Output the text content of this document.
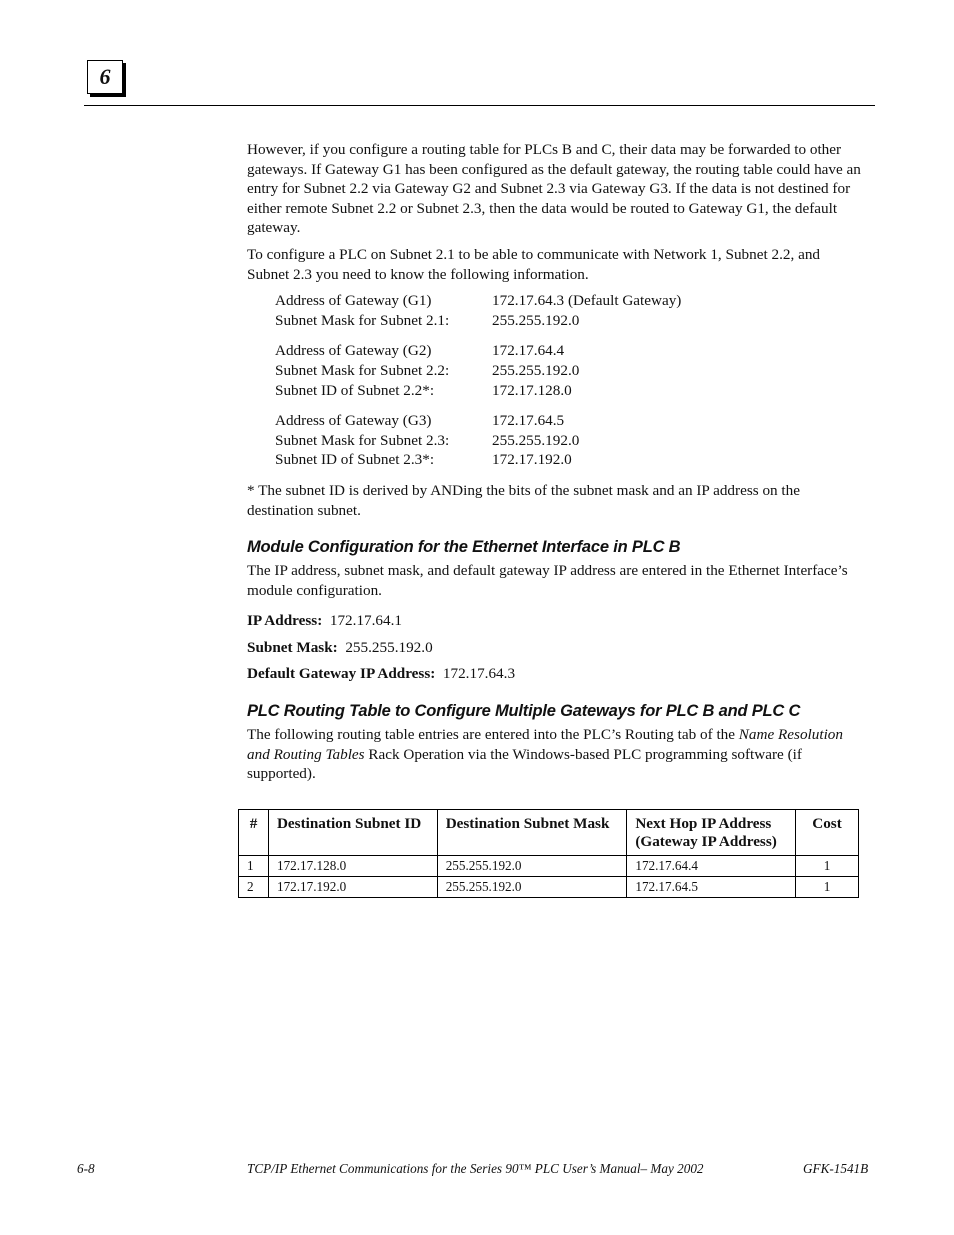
6

However, if you configure a routing table for PLCs B and C, their data may be forwarded to other gateways. If Gateway G1 has been configured as the default gateway, the routing table could have an entry for Subnet 2.2 via Gateway G2 and Subnet 2.3 via Gateway G3. If the data is not destined for either remote Subnet 2.2 or Subnet 2.3, then the data would be routed to Gateway G1, the default gateway.

To configure a PLC on Subnet 2.1 to be able to communicate with Network 1, Subnet 2.2, and Subnet 2.3 you need to know the following information.

Address of Gateway (G1)	172.17.64.3 (Default Gateway)
Subnet Mask for Subnet 2.1:	255.255.192.0
Address of Gateway (G2)	172.17.64.4
Subnet Mask for Subnet 2.2:	255.255.192.0
Subnet ID of Subnet 2.2*:	172.17.128.0
Address of Gateway (G3)	172.17.64.5
Subnet Mask for Subnet 2.3:	255.255.192.0
Subnet ID of Subnet 2.3*:	172.17.192.0

* The subnet ID is derived by ANDing the bits of the subnet mask and an IP address on the destination subnet.

Module Configuration for the Ethernet Interface in PLC B

The IP address, subnet mask, and default gateway IP address are entered in the Ethernet Interface’s module configuration.

IP Address: 172.17.64.1

Subnet Mask: 255.255.192.0

Default Gateway IP Address: 172.17.64.3

PLC Routing Table to Configure Multiple Gateways for PLC B and PLC C

The following routing table entries are entered into the PLC’s Routing tab of the Name Resolution and Routing Tables Rack Operation via the Windows-based PLC programming software (if supported).

#	Destination Subnet ID	Destination Subnet Mask	Next Hop IP Address (Gateway IP Address)	Cost
1	172.17.128.0	255.255.192.0	172.17.64.4	1
2	172.17.192.0	255.255.192.0	172.17.64.5	1
6-8	TCP/IP Ethernet Communications for the Series 90™ PLC User’s Manual– May 2002	GFK-1541B
